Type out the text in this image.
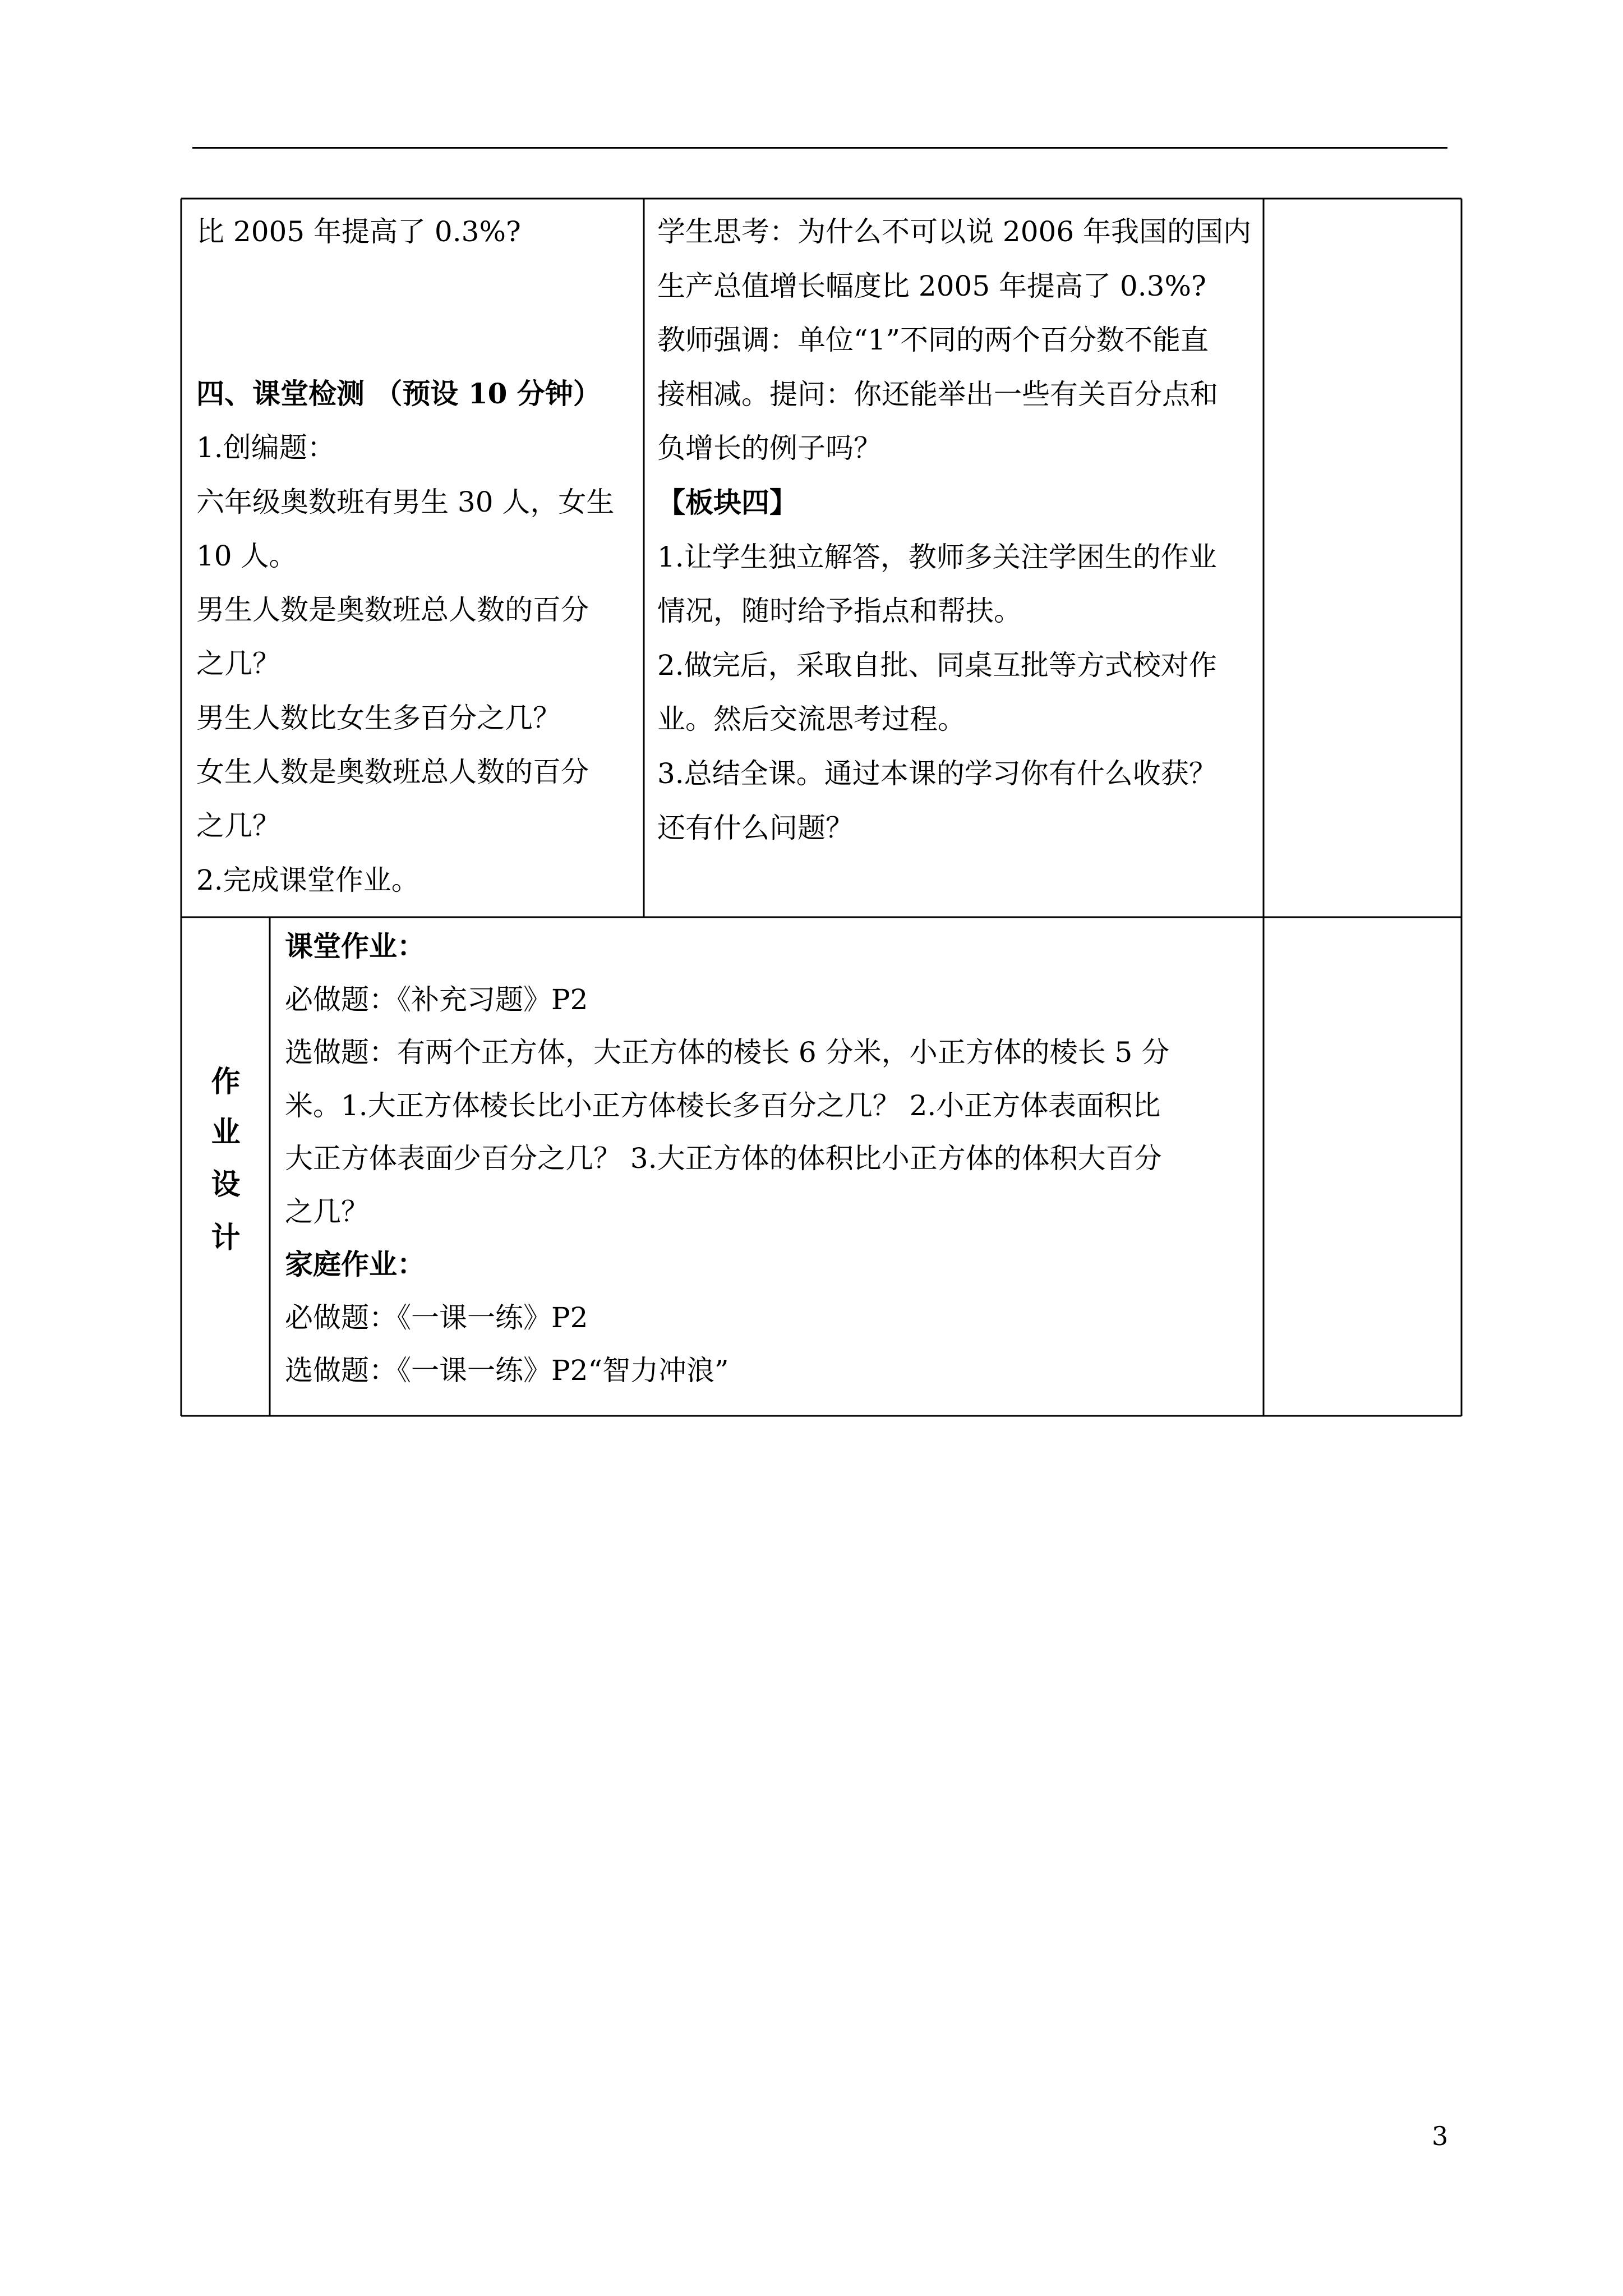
比 2005 年提高了 0.3%?
四、课堂检测 （预设 10 分钟）
1.创编题：
六年级奥数班有男生 30 人，女生
10 人。
男生人数是奥数班总人数的百分
之几？
男生人数比女生多百分之几？
女生人数是奥数班总人数的百分
之几？
2.完成课堂作业。
学生思考：为什么不可以说 2006 年我国的国内
生产总值增长幅度比 2005 年提高了 0.3%?
教师强调：单位“1”不同的两个百分数不能直
接相减。提问：你还能举出一些有关百分点和
负增长的例子吗？
【板块四】
1.让学生独立解答，教师多关注学困生的作业
情况，随时给予指点和帮扶。
2.做完后，采取自批、同桌互批等方式校对作
业。然后交流思考过程。
3.总结全课。通过本课的学习你有什么收获？
还有什么问题？
作
业
设
计
课堂作业：
必做题：《补充习题》P2
选做题：有两个正方体，大正方体的棱长 6 分米，小正方体的棱长 5 分
米。1.大正方体棱长比小正方体棱长多百分之几？ 2.小正方体表面积比
大正方体表面少百分之几？ 3.大正方体的体积比小正方体的体积大百分
之几？
家庭作业：
必做题：《一课一练》P2
选做题：《一课一练》P2“智力冲浪”
3
